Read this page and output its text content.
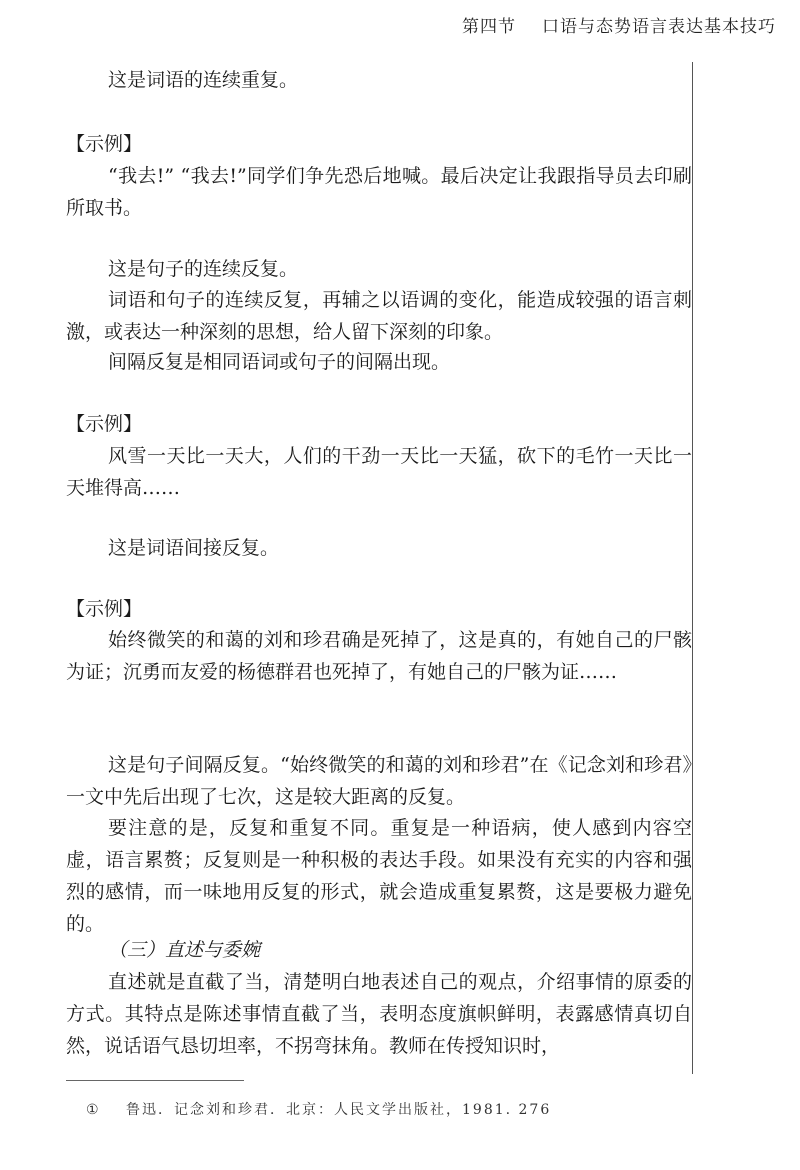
第四节 口语与态势语言表达基本技巧
这是词语的连续重复。
【示例】
“我去!” “我去!”同学们争先恐后地喊。最后决定让我跟指导员去印刷所取书。
这是句子的连续反复。
词语和句子的连续反复，再辅之以语调的变化，能造成较强的语言刺激，或表达一种深刻的思想，给人留下深刻的印象。
间隔反复是相同语词或句子的间隔出现。
【示例】
风雪一天比一天大，人们的干劲一天比一天猛，砍下的毛竹一天比一天堆得高……
这是词语间接反复。
【示例】
始终微笑的和蔼的刘和珍君确是死掉了，这是真的，有她自己的尸骸为证；沉勇而友爱的杨德群君也死掉了，有她自己的尸骸为证……
这是句子间隔反复。“始终微笑的和蔼的刘和珍君”在《记念刘和珍君》一文中先后出现了七次，这是较大距离的反复。
要注意的是，反复和重复不同。重复是一种语病，使人感到内容空虚，语言累赘；反复则是一种积极的表达手段。如果没有充实的内容和强烈的感情，而一味地用反复的形式，就会造成重复累赘，这是要极力避免的。
（三）直述与委婉
直述就是直截了当，清楚明白地表述自己的观点，介绍事情的原委的方式。其特点是陈述事情直截了当，表明态度旗帜鲜明，表露感情真切自然，说话语气恳切坦率，不拐弯抹角。教师在传授知识时，
① 鲁迅．记念刘和珍君．北京：人民文学出版社，1981. 276
